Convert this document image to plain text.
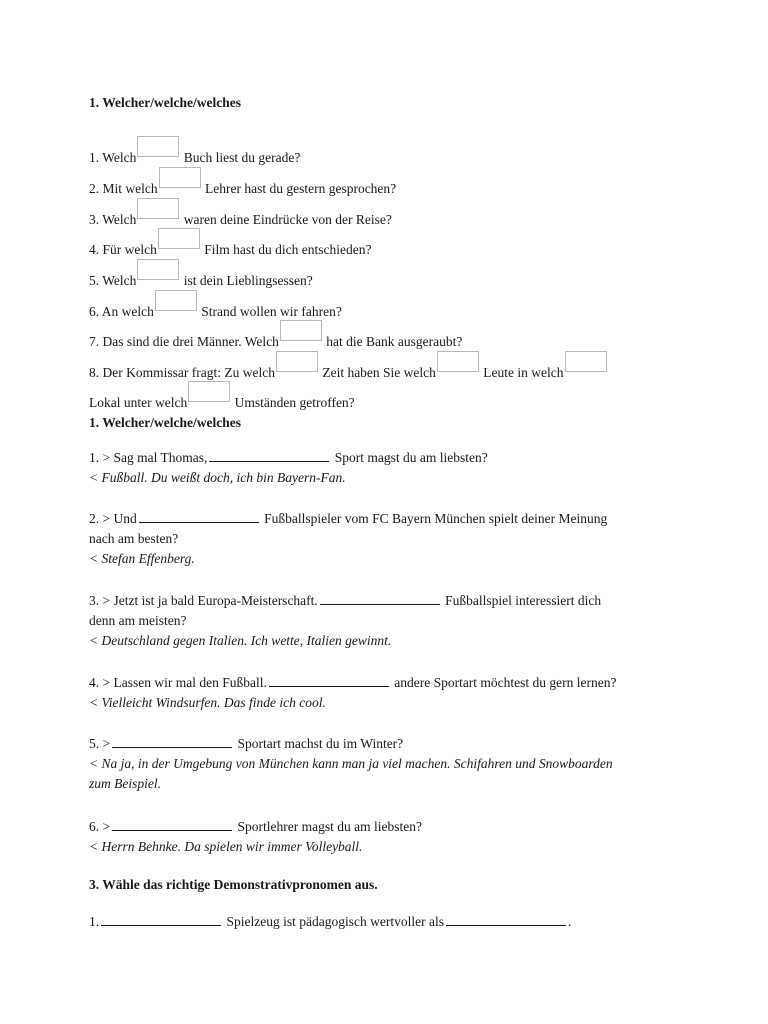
1. Welcher/welche/welches
1. Welch	Buch liest du gerade?
2. Mit welch	Lehrer hast du gestern gesprochen?
3. Welch	waren deine Eindrücke von der Reise?
4. Für welch	Film hast du dich entschieden?
5. Welch	ist dein Lieblingsessen?
6. An welch	Strand wollen wir fahren?
7. Das sind die drei Männer. Welch	hat die Bank ausgeraubt?
8. Der Kommissar fragt: Zu welch	Zeit haben Sie welch	Leute in welch
Lokal unter welch	Umständen getroffen?
1. Welcher/welche/welches
1. > Sag mal Thomas,	Sport magst du am liebsten?
< Fußball. Du weißt doch, ich bin Bayern-Fan.
2. > Und	Fußballspieler vom FC Bayern München spielt deiner Meinung
nach am besten?
< Stefan Effenberg.
3. > Jetzt ist ja bald Europa-Meisterschaft.	Fußballspiel interessiert dich
denn am meisten?
< Deutschland gegen Italien. Ich wette, Italien gewinnt.
4. > Lassen wir mal den Fußball.	andere Sportart möchtest du gern lernen?
< Vielleicht Windsurfen. Das finde ich cool.
5. >	Sportart machst du im Winter?
< Na ja, in der Umgebung von München kann man ja viel machen. Schifahren und Snowboarden
zum Beispiel.
6. >	Sportlehrer magst du am liebsten?
< Herrn Behnke. Da spielen wir immer Volleyball.
3. Wähle das richtige Demonstrativpronomen aus.
1.	Spielzeug ist pädagogisch wertvoller als	.
